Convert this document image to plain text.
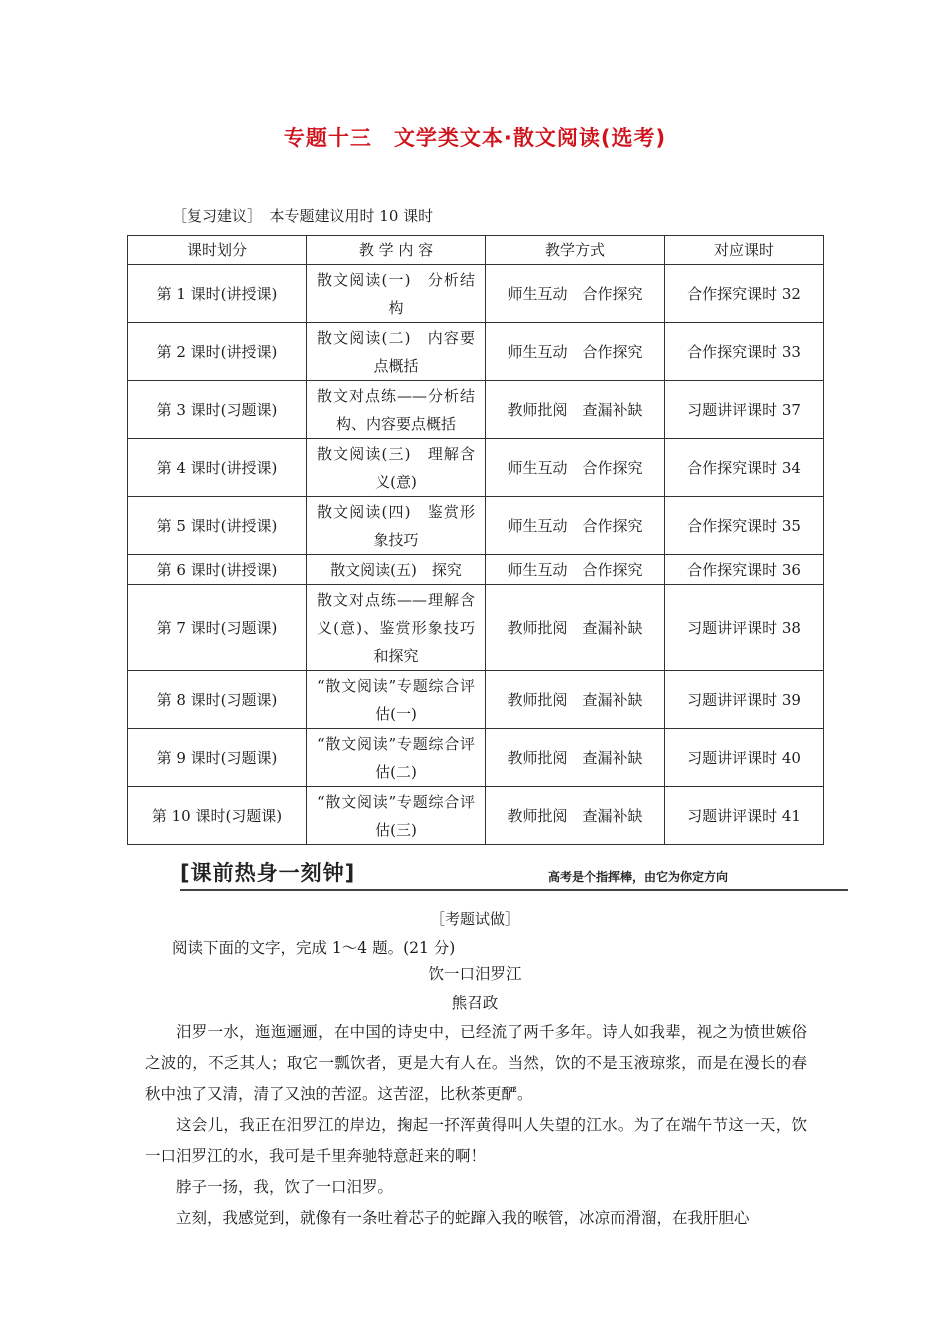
专题十三　文学类文本·散文阅读(选考)
［复习建议］　本专题建议用时 10 课时
课时划分	教 学 内 容	教学方式	对应课时
第 1 课时(讲授课)	散文阅读(一)　分析结构	师生互动　合作探究	合作探究课时 32
第 2 课时(讲授课)	散文阅读(二)　内容要点概括	师生互动　合作探究	合作探究课时 33
第 3 课时(习题课)	散文对点练——分析结构、内容要点概括	教师批阅　查漏补缺	习题讲评课时 37
第 4 课时(讲授课)	散文阅读(三)　理解含义(意)	师生互动　合作探究	合作探究课时 34
第 5 课时(讲授课)	散文阅读(四)　鉴赏形象技巧	师生互动　合作探究	合作探究课时 35
第 6 课时(讲授课)	散文阅读(五)　探究	师生互动　合作探究	合作探究课时 36
第 7 课时(习题课)	散文对点练——理解含义(意)、鉴赏形象技巧和探究	教师批阅　查漏补缺	习题讲评课时 38
第 8 课时(习题课)	“散文阅读”专题综合评估(一)	教师批阅　查漏补缺	习题讲评课时 39
第 9 课时(习题课)	“散文阅读”专题综合评估(二)	教师批阅　查漏补缺	习题讲评课时 40
第 10 课时(习题课)	“散文阅读”专题综合评估(三)	教师批阅　查漏补缺	习题讲评课时 41
[课前热身一刻钟]	高考是个指挥棒，由它为你定方向
［考题试做］
阅读下面的文字，完成 1～4 题。(21 分)
饮一口汨罗江
熊召政

汨罗一水，迤迤逦逦，在中国的诗史中，已经流了两千多年。诗人如我辈，视之为愤世嫉俗之波的，不乏其人；取它一瓢饮者，更是大有人在。当然，饮的不是玉液琼浆，而是在漫长的春秋中浊了又清，清了又浊的苦涩。这苦涩，比秋茶更酽。

这会儿，我正在汨罗江的岸边，掬起一抔浑黄得叫人失望的江水。为了在端午节这一天，饮一口汨罗江的水，我可是千里奔驰特意赶来的啊！

脖子一扬，我，饮了一口汨罗。

立刻，我感觉到，就像有一条吐着芯子的蛇蹿入我的喉管，冰凉而滑溜，在我肝胆心
